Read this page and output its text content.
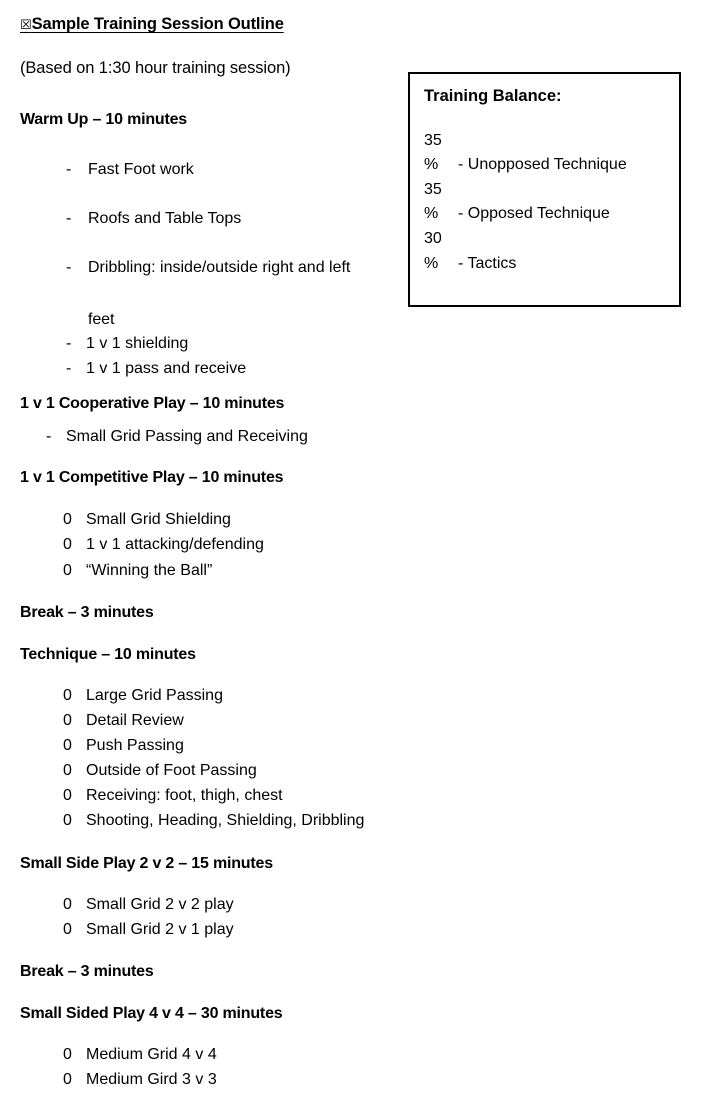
☒Sample Training Session Outline
(Based on 1:30 hour training session)
Warm Up – 10 minutes
- Fast Foot work
- Roofs and Table Tops
- Dribbling: inside/outside right and left
feet
- 1 v 1 shielding
- 1 v 1 pass and receive
1 v 1 Cooperative Play – 10 minutes
- Small Grid Passing and Receiving
1 v 1 Competitive Play – 10 minutes
0 Small Grid Shielding
0 1 v 1 attacking/defending
0 “Winning the Ball”
Break – 3 minutes
Technique – 10 minutes
0 Large Grid Passing
0 Detail Review
0 Push Passing
0 Outside of Foot Passing
0 Receiving: foot, thigh, chest
0 Shooting, Heading, Shielding, Dribbling
Small Side Play 2 v 2 – 15 minutes
0 Small Grid 2 v 2 play
0 Small Grid 2 v 1 play
Break – 3 minutes
Small Sided Play 4 v 4 – 30 minutes
0 Medium Grid 4 v 4
0 Medium Gird 3 v 3
Training Balance:
35
% - Unopposed Technique
35
% - Opposed Technique
30
% - Tactics
